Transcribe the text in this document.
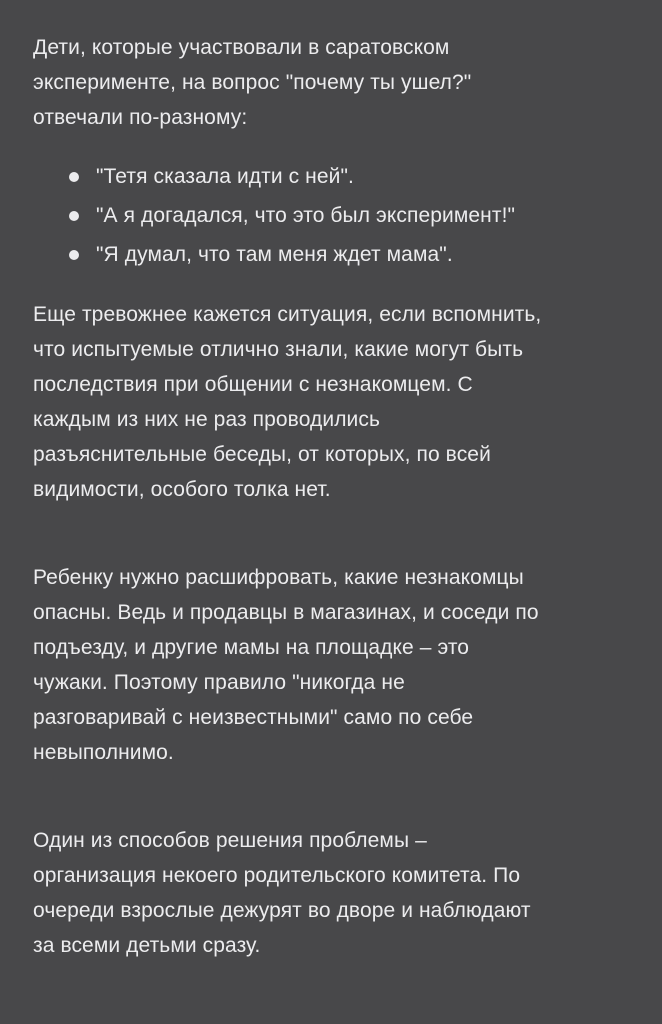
Дети, которые участвовали в саратовском
эксперименте, на вопрос "почему ты ушел?"
отвечали по-разному:

"Тетя сказала идти с ней".
"А я догадался, что это был эксперимент!"
"Я думал, что там меня ждет мама".

Еще тревожнее кажется ситуация, если вспомнить,
что испытуемые отлично знали, какие могут быть
последствия при общении с незнакомцем. С
каждым из них не раз проводились
разъяснительные беседы, от которых, по всей
видимости, особого толка нет.

Ребенку нужно расшифровать, какие незнакомцы
опасны. Ведь и продавцы в магазинах, и соседи по
подъезду, и другие мамы на площадке – это
чужаки. Поэтому правило "никогда не
разговаривай с неизвестными" само по себе
невыполнимо.

Один из способов решения проблемы –
организация некоего родительского комитета. По
очереди взрослые дежурят во дворе и наблюдают
за всеми детьми сразу.
